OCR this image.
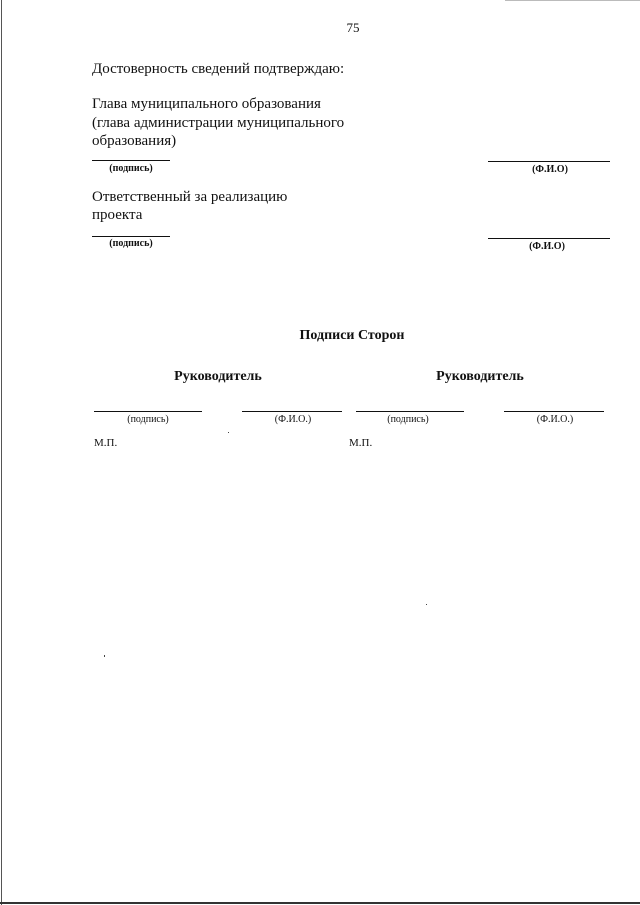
75
Достоверность сведений подтверждаю:
Глава муниципального образования
(глава администрации муниципального
образования)
(подпись)	(Ф.И.О)
Ответственный за реализацию
проекта
(подпись)	(Ф.И.О)
Подписи Сторон
Руководитель	Руководитель
(подпись)	(Ф.И.О.)	(подпись)	(Ф.И.О.)
М.П.	М.П.
